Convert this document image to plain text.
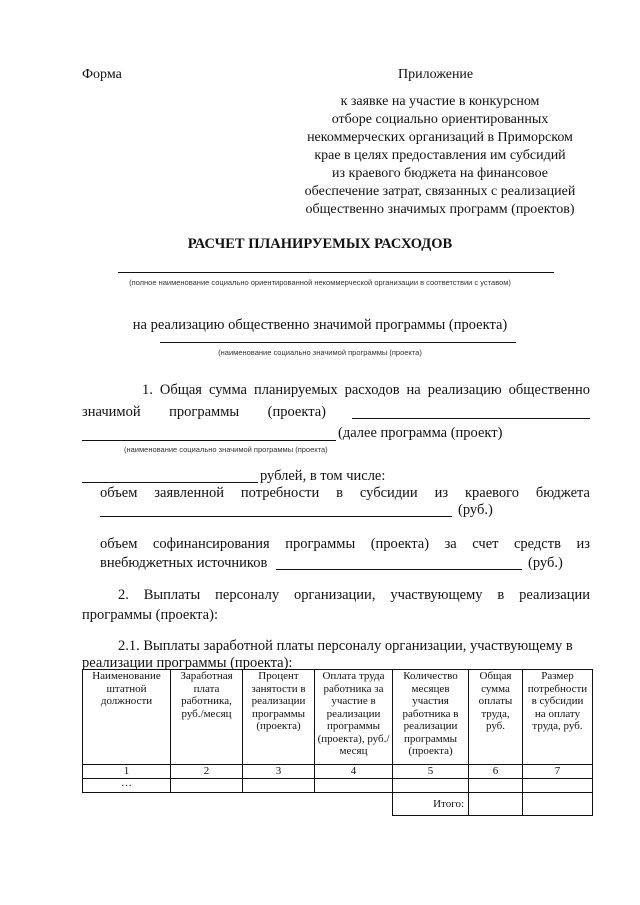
Форма	Приложение
к заявке на участие в конкурсном
отборе социально ориентированных
некоммерческих организаций в Приморском
крае в целях предоставления им субсидий
из краевого бюджета на финансовое
обеспечение затрат, связанных с реализацией
общественно значимых программ (проектов)
РАСЧЕТ ПЛАНИРУЕМЫХ РАСХОДОВ
(полное наименование социально ориентированной некоммерческой организации в соответствии с уставом)
на реализацию общественно значимой программы (проекта)
(наименование социально значимой программы (проекта)
1. Общая сумма планируемых расходов на реализацию общественно
значимой программы (проекта)
(далее программа (проект)
(наименование социально значимой программы (проекта)
рублей, в том числе:
объем заявленной потребности в субсидии из краевого бюджета
(руб.)
объем софинансирования программы (проекта) за счет средств из
внебюджетных источников	(руб.)
2. Выплаты персоналу организации, участвующему в реализации
программы (проекта):
2.1. Выплаты заработной платы персоналу организации, участвующему в
реализации программы (проекта):
Наименование штатной должности	Заработная плата работника, руб./месяц	Процент занятости в реализации программы (проекта)	Оплата труда работника за участие в реализации программы (проекта), руб./месяц	Количество месяцев участия работника в реализации программы (проекта)	Общая сумма оплаты труда, руб.	Размер потребности в субсидии на оплату труда, руб.
1	2	3	4	5	6	7
…						
				Итого:		
